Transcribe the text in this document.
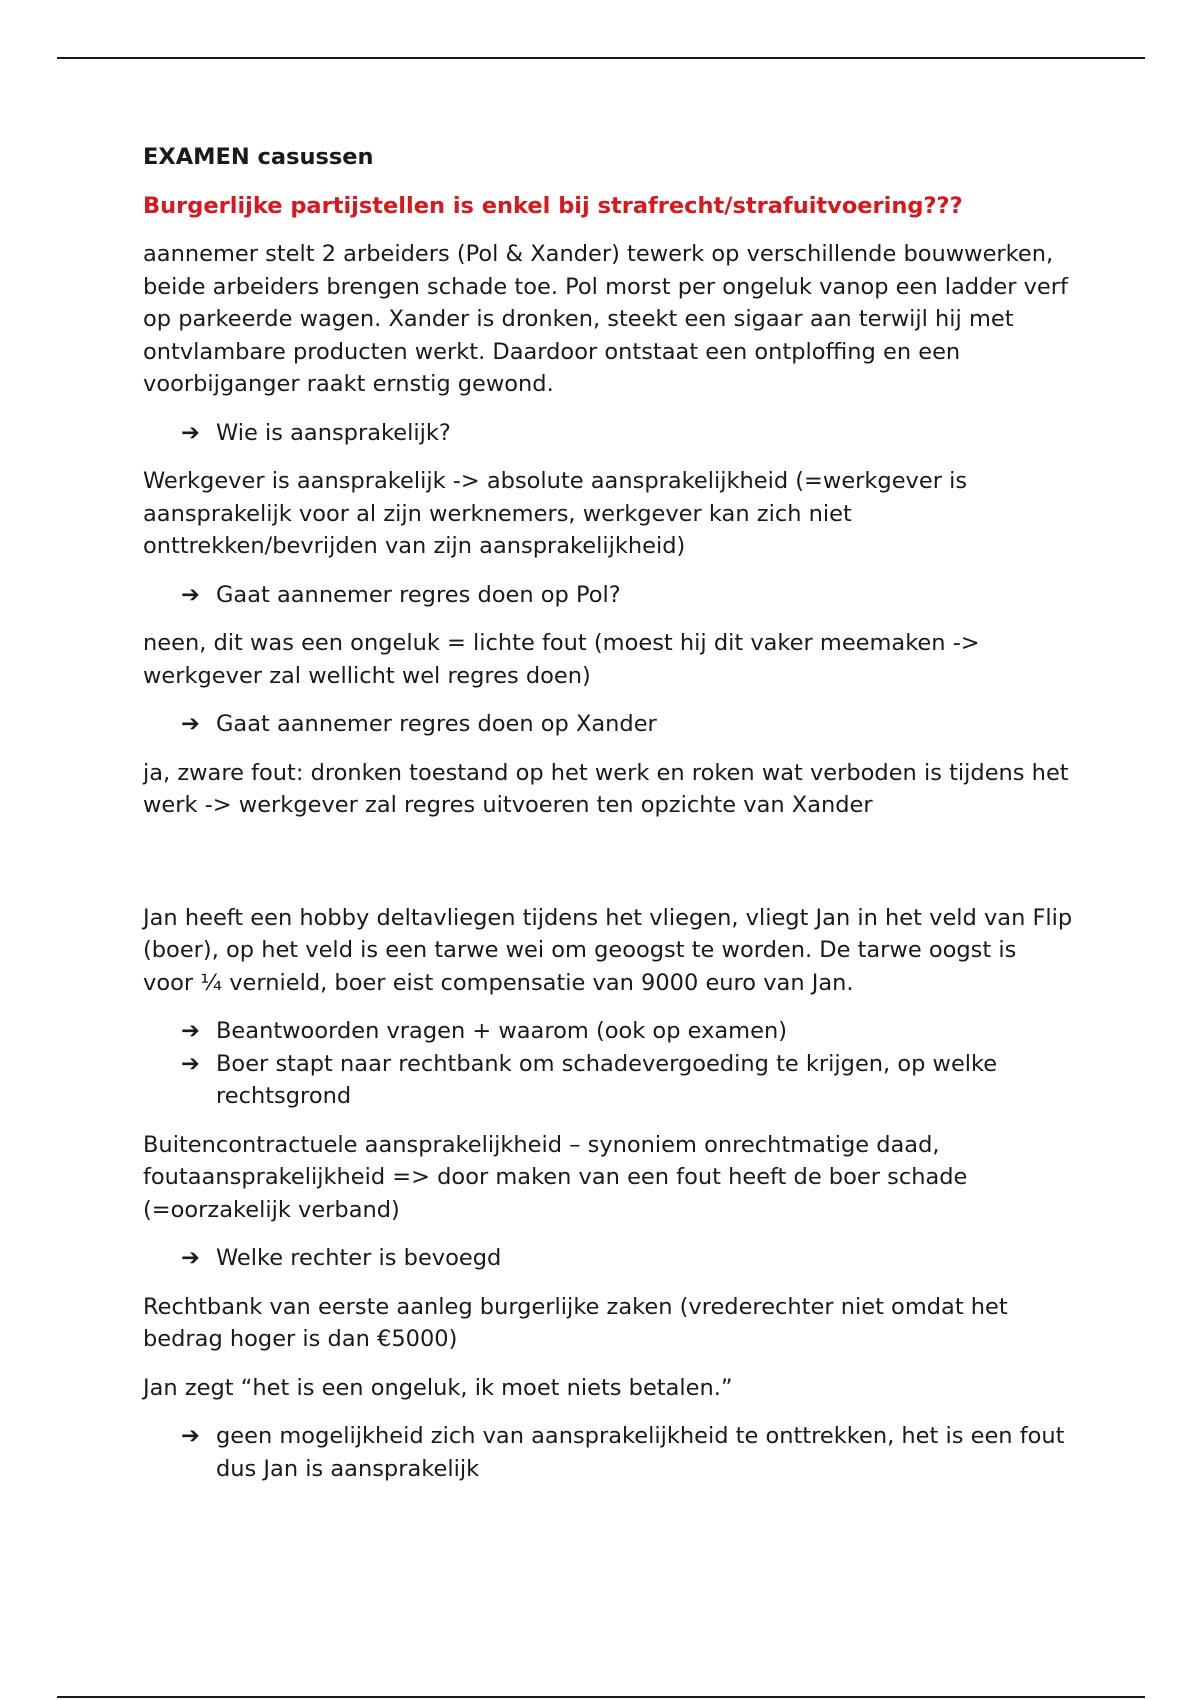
EXAMEN casussen

Burgerlijke partijstellen is enkel bij strafrecht/strafuitvoering???

aannemer stelt 2 arbeiders (Pol & Xander) tewerk op verschillende bouwwerken, beide arbeiders brengen schade toe. Pol morst per ongeluk vanop een ladder verf op parkeerde wagen. Xander is dronken, steekt een sigaar aan terwijl hij met ontvlambare producten werkt. Daardoor ontstaat een ontploffing en een voorbijganger raakt ernstig gewond.

➔ Wie is aansprakelijk?

Werkgever is aansprakelijk -> absolute aansprakelijkheid (=werkgever is aansprakelijk voor al zijn werknemers, werkgever kan zich niet onttrekken/bevrijden van zijn aansprakelijkheid)

➔ Gaat aannemer regres doen op Pol?

neen, dit was een ongeluk = lichte fout (moest hij dit vaker meemaken -> werkgever zal wellicht wel regres doen)

➔ Gaat aannemer regres doen op Xander

ja, zware fout: dronken toestand op het werk en roken wat verboden is tijdens het werk -> werkgever zal regres uitvoeren ten opzichte van Xander

Jan heeft een hobby deltavliegen tijdens het vliegen, vliegt Jan in het veld van Flip (boer), op het veld is een tarwe wei om geoogst te worden. De tarwe oogst is voor ¼ vernield, boer eist compensatie van 9000 euro van Jan.

➔ Beantwoorden vragen + waarom (ook op examen)
➔ Boer stapt naar rechtbank om schadevergoeding te krijgen, op welke rechtsgrond

Buitencontractuele aansprakelijkheid – synoniem onrechtmatige daad, foutaansprakelijkheid => door maken van een fout heeft de boer schade (=oorzakelijk verband)

➔ Welke rechter is bevoegd

Rechtbank van eerste aanleg burgerlijke zaken (vrederechter niet omdat het bedrag hoger is dan €5000)

Jan zegt “het is een ongeluk, ik moet niets betalen.”

➔ geen mogelijkheid zich van aansprakelijkheid te onttrekken, het is een fout dus Jan is aansprakelijk
